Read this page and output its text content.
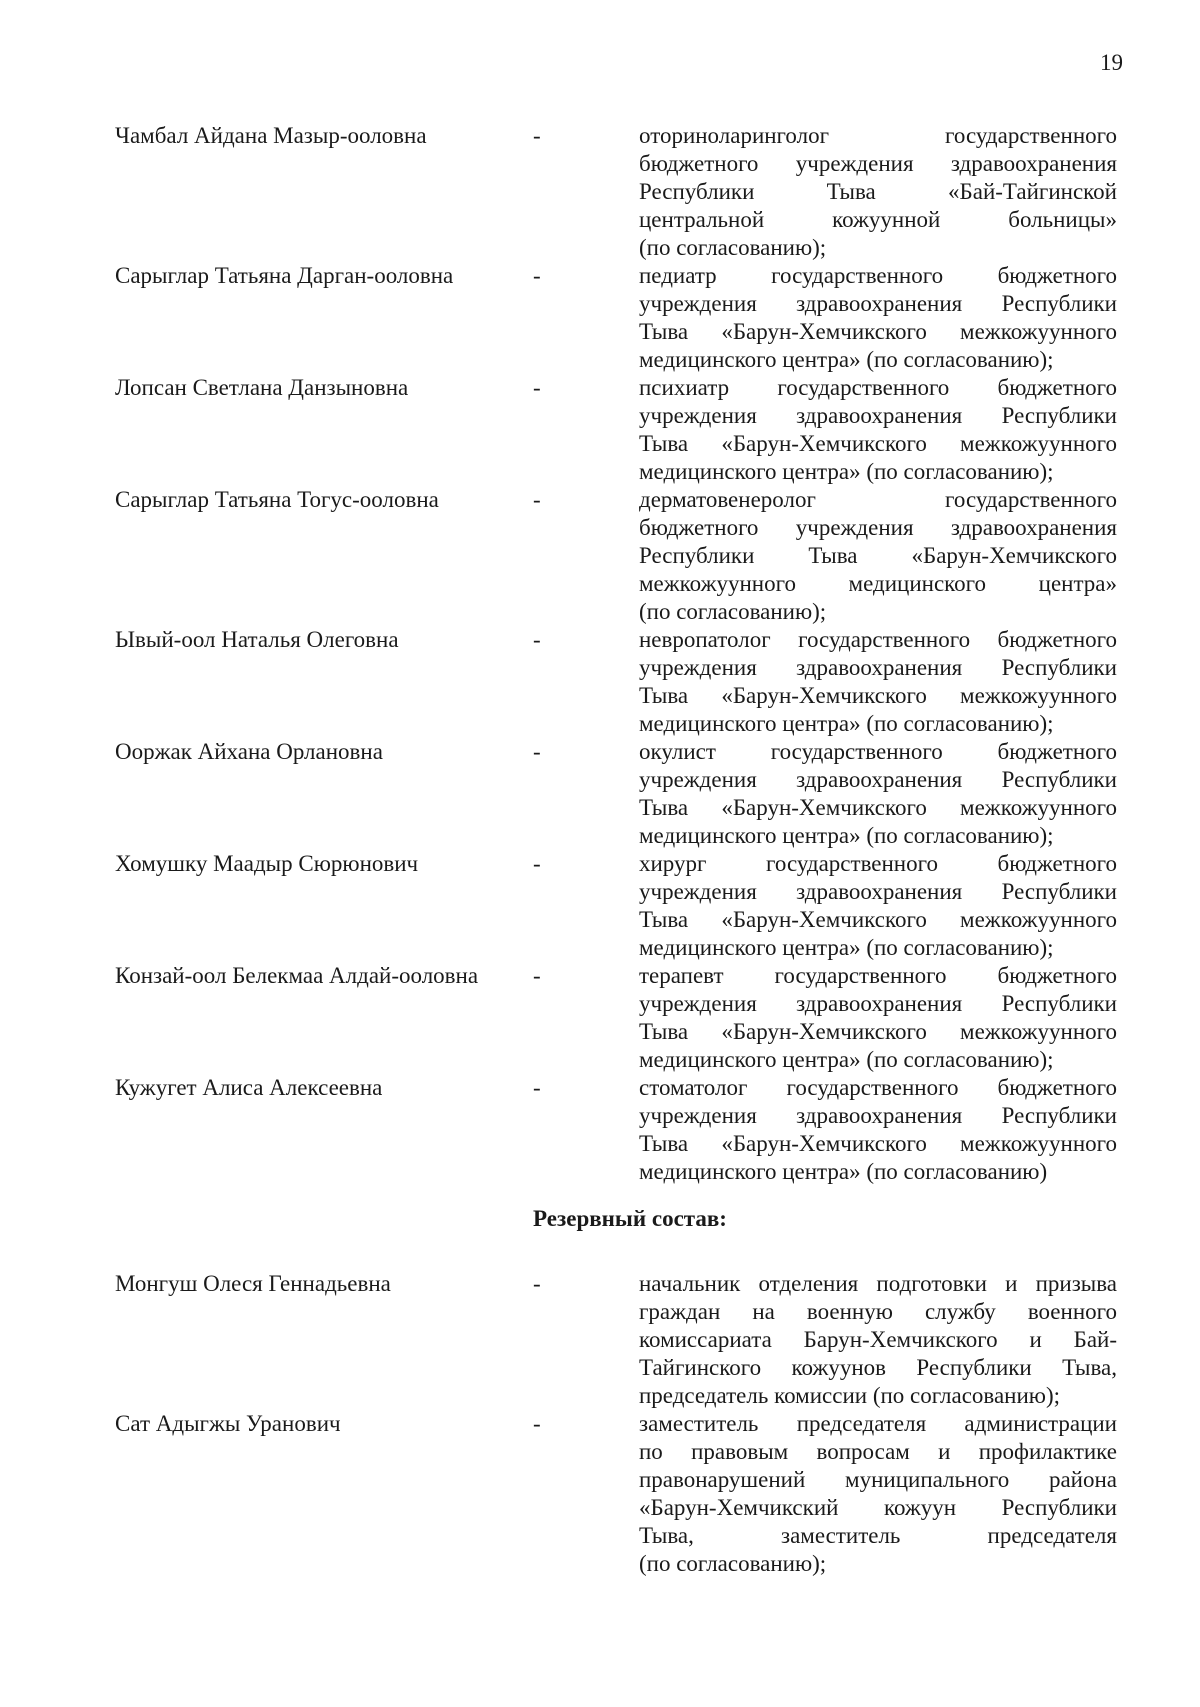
19
Чамбал Айдана Мазыр-ооловна	-	оториноларинголог государственного
бюджетного учреждения здравоохранения
Республики Тыва «Бай-Тайгинской
центральной кожуунной больницы»
(по согласованию);
Сарыглар Татьяна Дарган-ооловна	-	педиатр государственного бюджетного
учреждения здравоохранения Республики
Тыва «Барун-Хемчикского межкожуунного
медицинского центра» (по согласованию);
Лопсан Светлана Данзыновна	-	психиатр государственного бюджетного
учреждения здравоохранения Республики
Тыва «Барун-Хемчикского межкожуунного
медицинского центра» (по согласованию);
Сарыглар Татьяна Тогус-ооловна	-	дерматовенеролог государственного
бюджетного учреждения здравоохранения
Республики Тыва «Барун-Хемчикского
межкожуунного медицинского центра»
(по согласованию);
Ывый-оол Наталья Олеговна	-	невропатолог государственного бюджетного
учреждения здравоохранения Республики
Тыва «Барун-Хемчикского межкожуунного
медицинского центра» (по согласованию);
Ооржак Айхана Орлановна	-	окулист государственного бюджетного
учреждения здравоохранения Республики
Тыва «Барун-Хемчикского межкожуунного
медицинского центра» (по согласованию);
Хомушку Маадыр Сюрюнович	-	хирург государственного бюджетного
учреждения здравоохранения Республики
Тыва «Барун-Хемчикского межкожуунного
медицинского центра» (по согласованию);
Конзай-оол Белекмаа Алдай-ооловна	-	терапевт государственного бюджетного
учреждения здравоохранения Республики
Тыва «Барун-Хемчикского межкожуунного
медицинского центра» (по согласованию);
Кужугет Алиса Алексеевна	-	стоматолог государственного бюджетного
учреждения здравоохранения Республики
Тыва «Барун-Хемчикского межкожуунного
медицинского центра» (по согласованию)
Резервный состав:
Монгуш Олеся Геннадьевна	-	начальник отделения подготовки и призыва
граждан на военную службу военного
комиссариата Барун-Хемчикского и Бай-
Тайгинского кожуунов Республики Тыва,
председатель комиссии (по согласованию);
Сат Адыгжы Уранович	-	заместитель председателя администрации
по правовым вопросам и профилактике
правонарушений муниципального района
«Барун-Хемчикский кожуун Республики
Тыва, заместитель председателя
(по согласованию);
